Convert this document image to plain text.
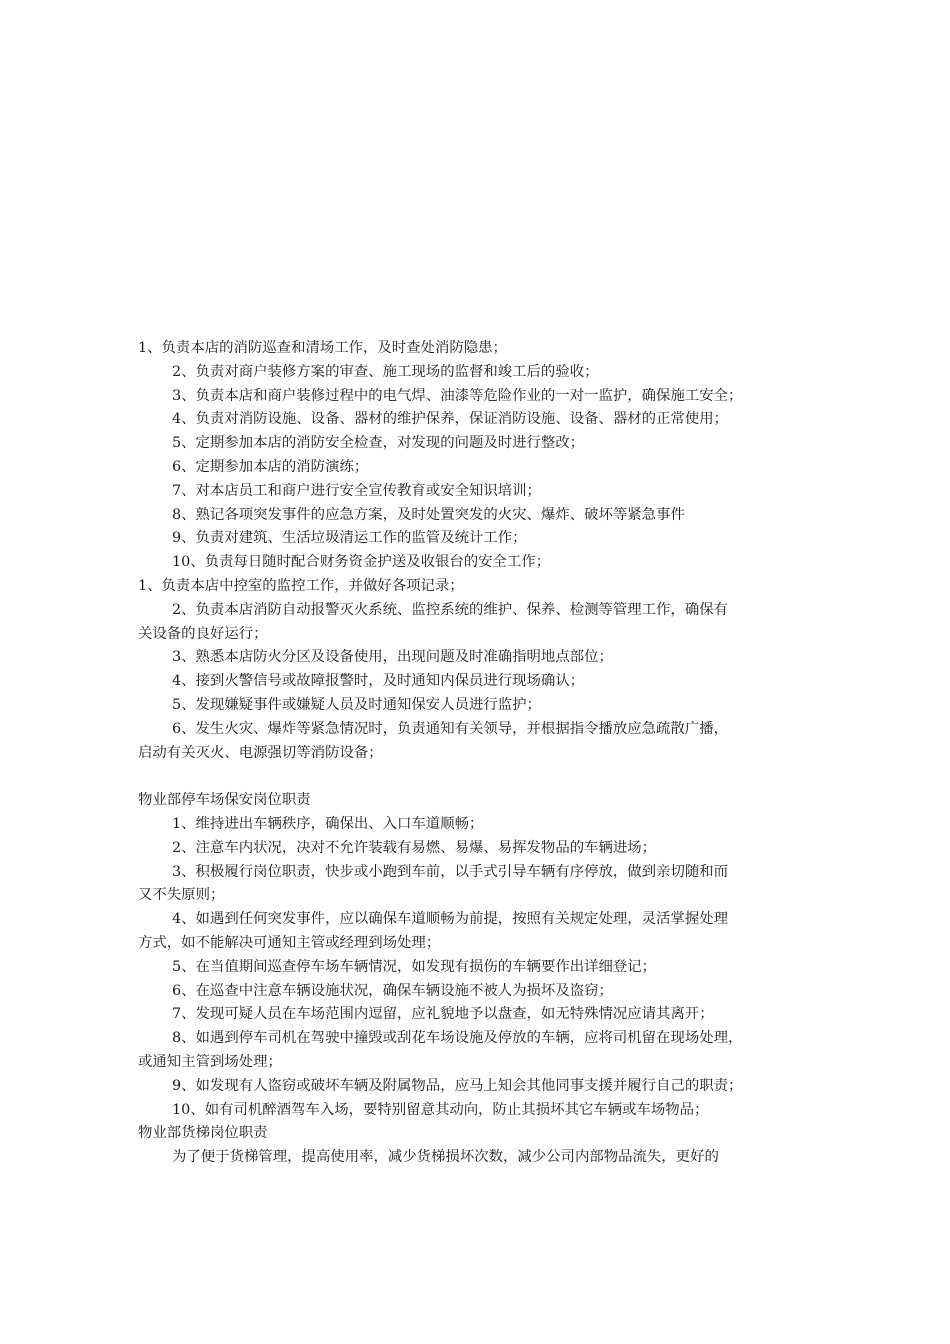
1、负责本店的消防巡查和清场工作，及时查处消防隐患；
2、负责对商户装修方案的审查、施工现场的监督和竣工后的验收；
3、负责本店和商户装修过程中的电气焊、油漆等危险作业的一对一监护，确保施工安全；
4、负责对消防设施、设备、器材的维护保养，保证消防设施、设备、器材的正常使用；
5、定期参加本店的消防安全检查，对发现的问题及时进行整改；
6、定期参加本店的消防演练；
7、对本店员工和商户进行安全宣传教育或安全知识培训；
8、熟记各项突发事件的应急方案，及时处置突发的火灾、爆炸、破坏等紧急事件
9、负责对建筑、生活垃圾清运工作的监管及统计工作；
10、负责每日随时配合财务资金护送及收银台的安全工作；
1、负责本店中控室的监控工作，并做好各项记录；
2、负责本店消防自动报警灭火系统、监控系统的维护、保养、检测等管理工作，确保有
关设备的良好运行；
3、熟悉本店防火分区及设备使用，出现问题及时准确指明地点部位；
4、接到火警信号或故障报警时，及时通知内保员进行现场确认；
5、发现嫌疑事件或嫌疑人员及时通知保安人员进行监护；
6、发生火灾、爆炸等紧急情况时，负责通知有关领导，并根据指令播放应急疏散广播，
启动有关灭火、电源强切等消防设备；
物业部停车场保安岗位职责
1、维持进出车辆秩序，确保出、入口车道顺畅；
2、注意车内状况，决对不允许装载有易燃、易爆、易挥发物品的车辆进场；
3、积极履行岗位职责，快步或小跑到车前，以手式引导车辆有序停放，做到亲切随和而
又不失原则；
4、如遇到任何突发事件，应以确保车道顺畅为前提，按照有关规定处理，灵活掌握处理
方式，如不能解决可通知主管或经理到场处理；
5、在当值期间巡查停车场车辆情况，如发现有损伤的车辆要作出详细登记；
6、在巡查中注意车辆设施状况，确保车辆设施不被人为损坏及盗窃；
7、发现可疑人员在车场范围内逗留，应礼貌地予以盘查，如无特殊情况应请其离开；
8、如遇到停车司机在驾驶中撞毁或刮花车场设施及停放的车辆，应将司机留在现场处理，
或通知主管到场处理；
9、如发现有人盗窃或破坏车辆及附属物品，应马上知会其他同事支援并履行自己的职责；
10、如有司机醉酒驾车入场，要特别留意其动向，防止其损坏其它车辆或车场物品；
物业部货梯岗位职责
为了便于货梯管理，提高使用率，减少货梯损坏次数，减少公司内部物品流失，更好的
